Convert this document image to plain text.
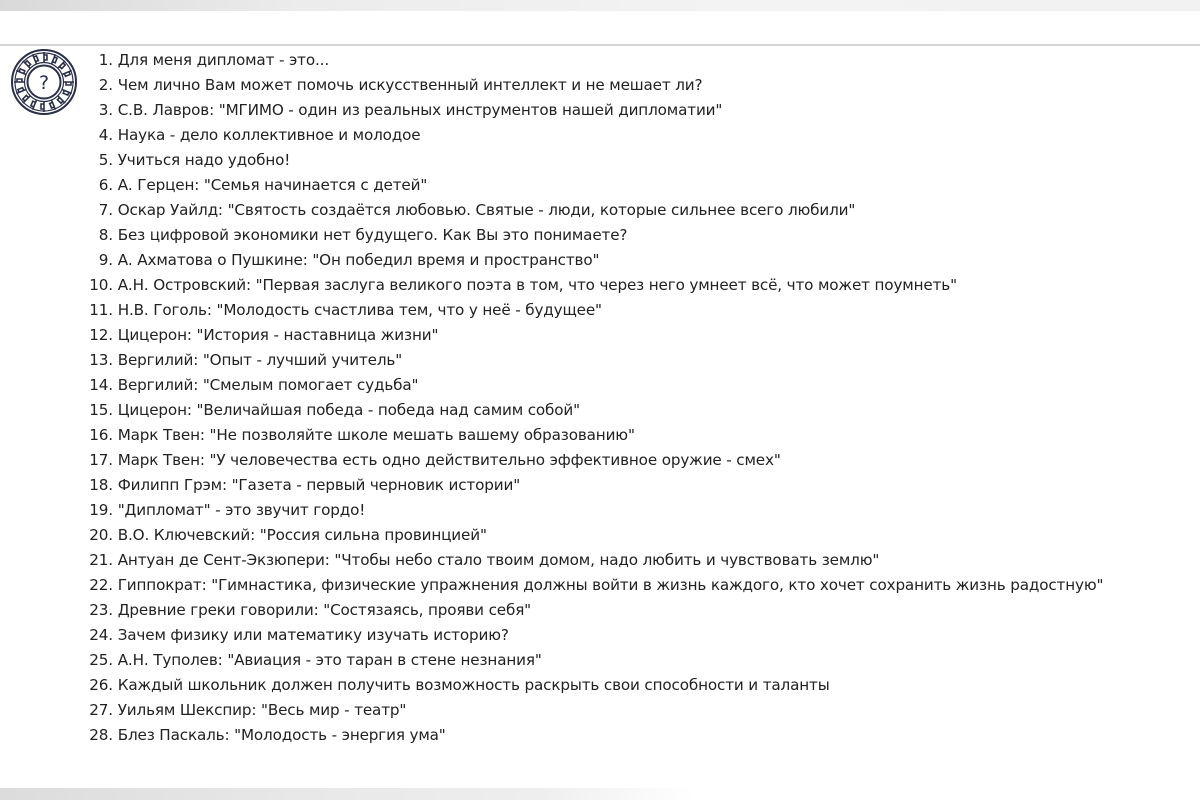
?
1. Для меня дипломат - это...
2. Чем лично Вам может помочь искусственный интеллект и не мешает ли?
3. С.В. Лавров: "МГИМО - один из реальных инструментов нашей дипломатии"
4. Наука - дело коллективное и молодое
5. Учиться надо удобно!
6. А. Герцен: "Семья начинается с детей"
7. Оскар Уайлд: "Святость создаётся любовью. Святые - люди, которые сильнее всего любили"
8. Без цифровой экономики нет будущего. Как Вы это понимаете?
9. А. Ахматова о Пушкине: "Он победил время и пространство"
10. А.Н. Островский: "Первая заслуга великого поэта в том, что через него умнеет всё, что может поумнеть"
11. Н.В. Гоголь: "Молодость счастлива тем, что у неё - будущее"
12. Цицерон: "История - наставница жизни"
13. Вергилий: "Опыт - лучший учитель"
14. Вергилий: "Смелым помогает судьба"
15. Цицерон: "Величайшая победа - победа над самим собой"
16. Марк Твен: "Не позволяйте школе мешать вашему образованию"
17. Марк Твен: "У человечества есть одно действительно эффективное оружие - смех"
18. Филипп Грэм: "Газета - первый черновик истории"
19. "Дипломат" - это звучит гордо!
20. В.О. Ключевский: "Россия сильна провинцией"
21. Антуан де Сент-Экзюпери: "Чтобы небо стало твоим домом, надо любить и чувствовать землю"
22. Гиппократ: "Гимнастика, физические упражнения должны войти в жизнь каждого, кто хочет сохранить жизнь радостную"
23. Древние греки говорили: "Состязаясь, прояви себя"
24. Зачем физику или математику изучать историю?
25. А.Н. Туполев: "Авиация - это таран в стене незнания"
26. Каждый школьник должен получить возможность раскрыть свои способности и таланты
27. Уильям Шекспир: "Весь мир - театр"
28. Блез Паскаль: "Молодость - энергия ума"
